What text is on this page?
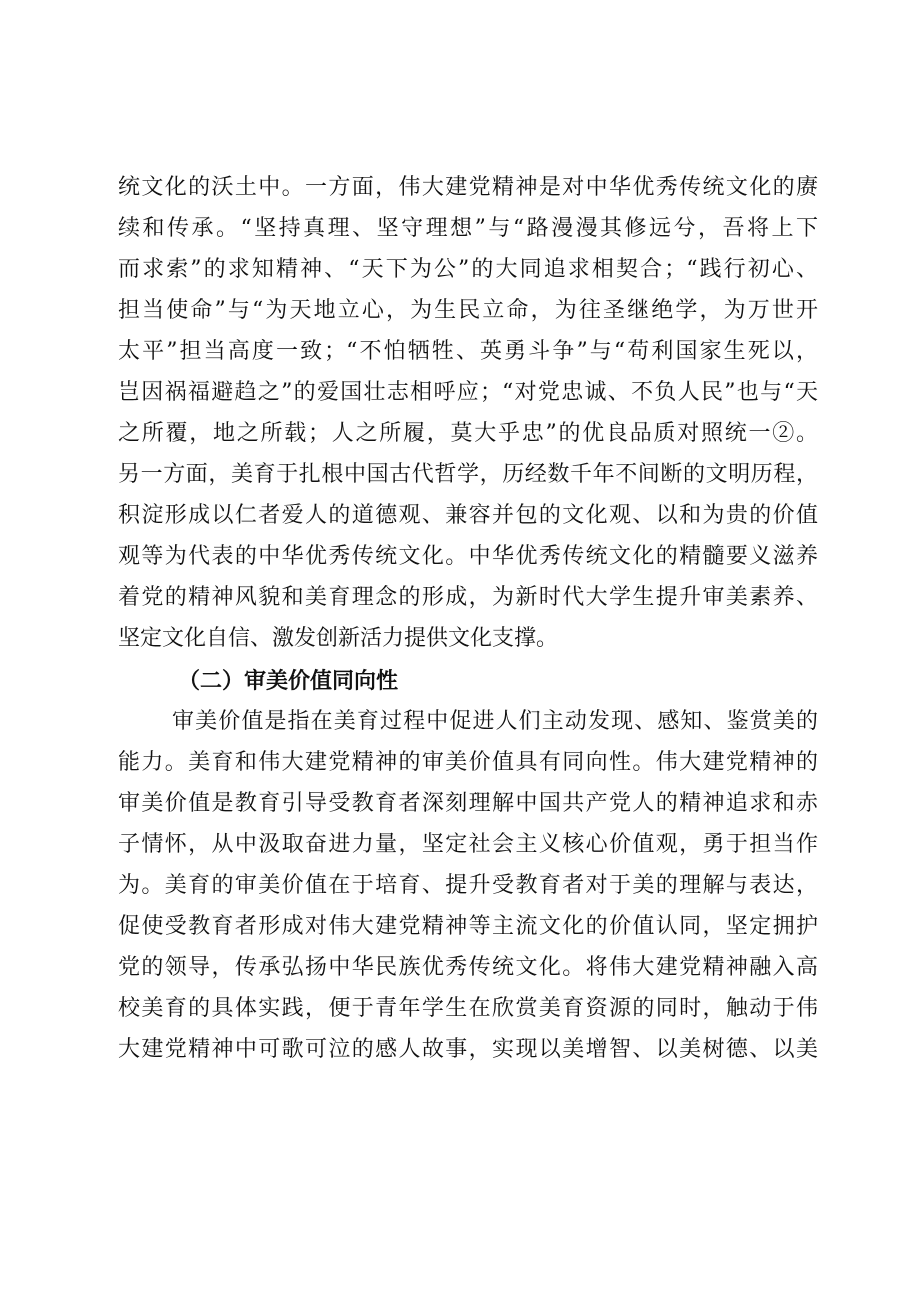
统文化的沃土中。一方面，伟大建党精神是对中华优秀传统文化的赓
续和传承。“坚持真理、坚守理想”与“路漫漫其修远兮，吾将上下
而求索”的求知精神、“天下为公”的大同追求相契合；“践行初心、
担当使命”与“为天地立心，为生民立命，为往圣继绝学，为万世开
太平”担当高度一致；“不怕牺牲、英勇斗争”与“苟利国家生死以，
岂因祸福避趋之”的爱国壮志相呼应；“对党忠诚、不负人民”也与“天
之所覆，地之所载；人之所履，莫大乎忠”的优良品质对照统一②。
另一方面，美育于扎根中国古代哲学，历经数千年不间断的文明历程，
积淀形成以仁者爱人的道德观、兼容并包的文化观、以和为贵的价值
观等为代表的中华优秀传统文化。中华优秀传统文化的精髓要义滋养
着党的精神风貌和美育理念的形成，为新时代大学生提升审美素养、
坚定文化自信、激发创新活力提供文化支撑。
（二）审美价值同向性
审美价值是指在美育过程中促进人们主动发现、感知、鉴赏美的
能力。美育和伟大建党精神的审美价值具有同向性。伟大建党精神的
审美价值是教育引导受教育者深刻理解中国共产党人的精神追求和赤
子情怀，从中汲取奋进力量，坚定社会主义核心价值观，勇于担当作
为。美育的审美价值在于培育、提升受教育者对于美的理解与表达，
促使受教育者形成对伟大建党精神等主流文化的价值认同，坚定拥护
党的领导，传承弘扬中华民族优秀传统文化。将伟大建党精神融入高
校美育的具体实践，便于青年学生在欣赏美育资源的同时，触动于伟
大建党精神中可歌可泣的感人故事，实现以美增智、以美树德、以美
